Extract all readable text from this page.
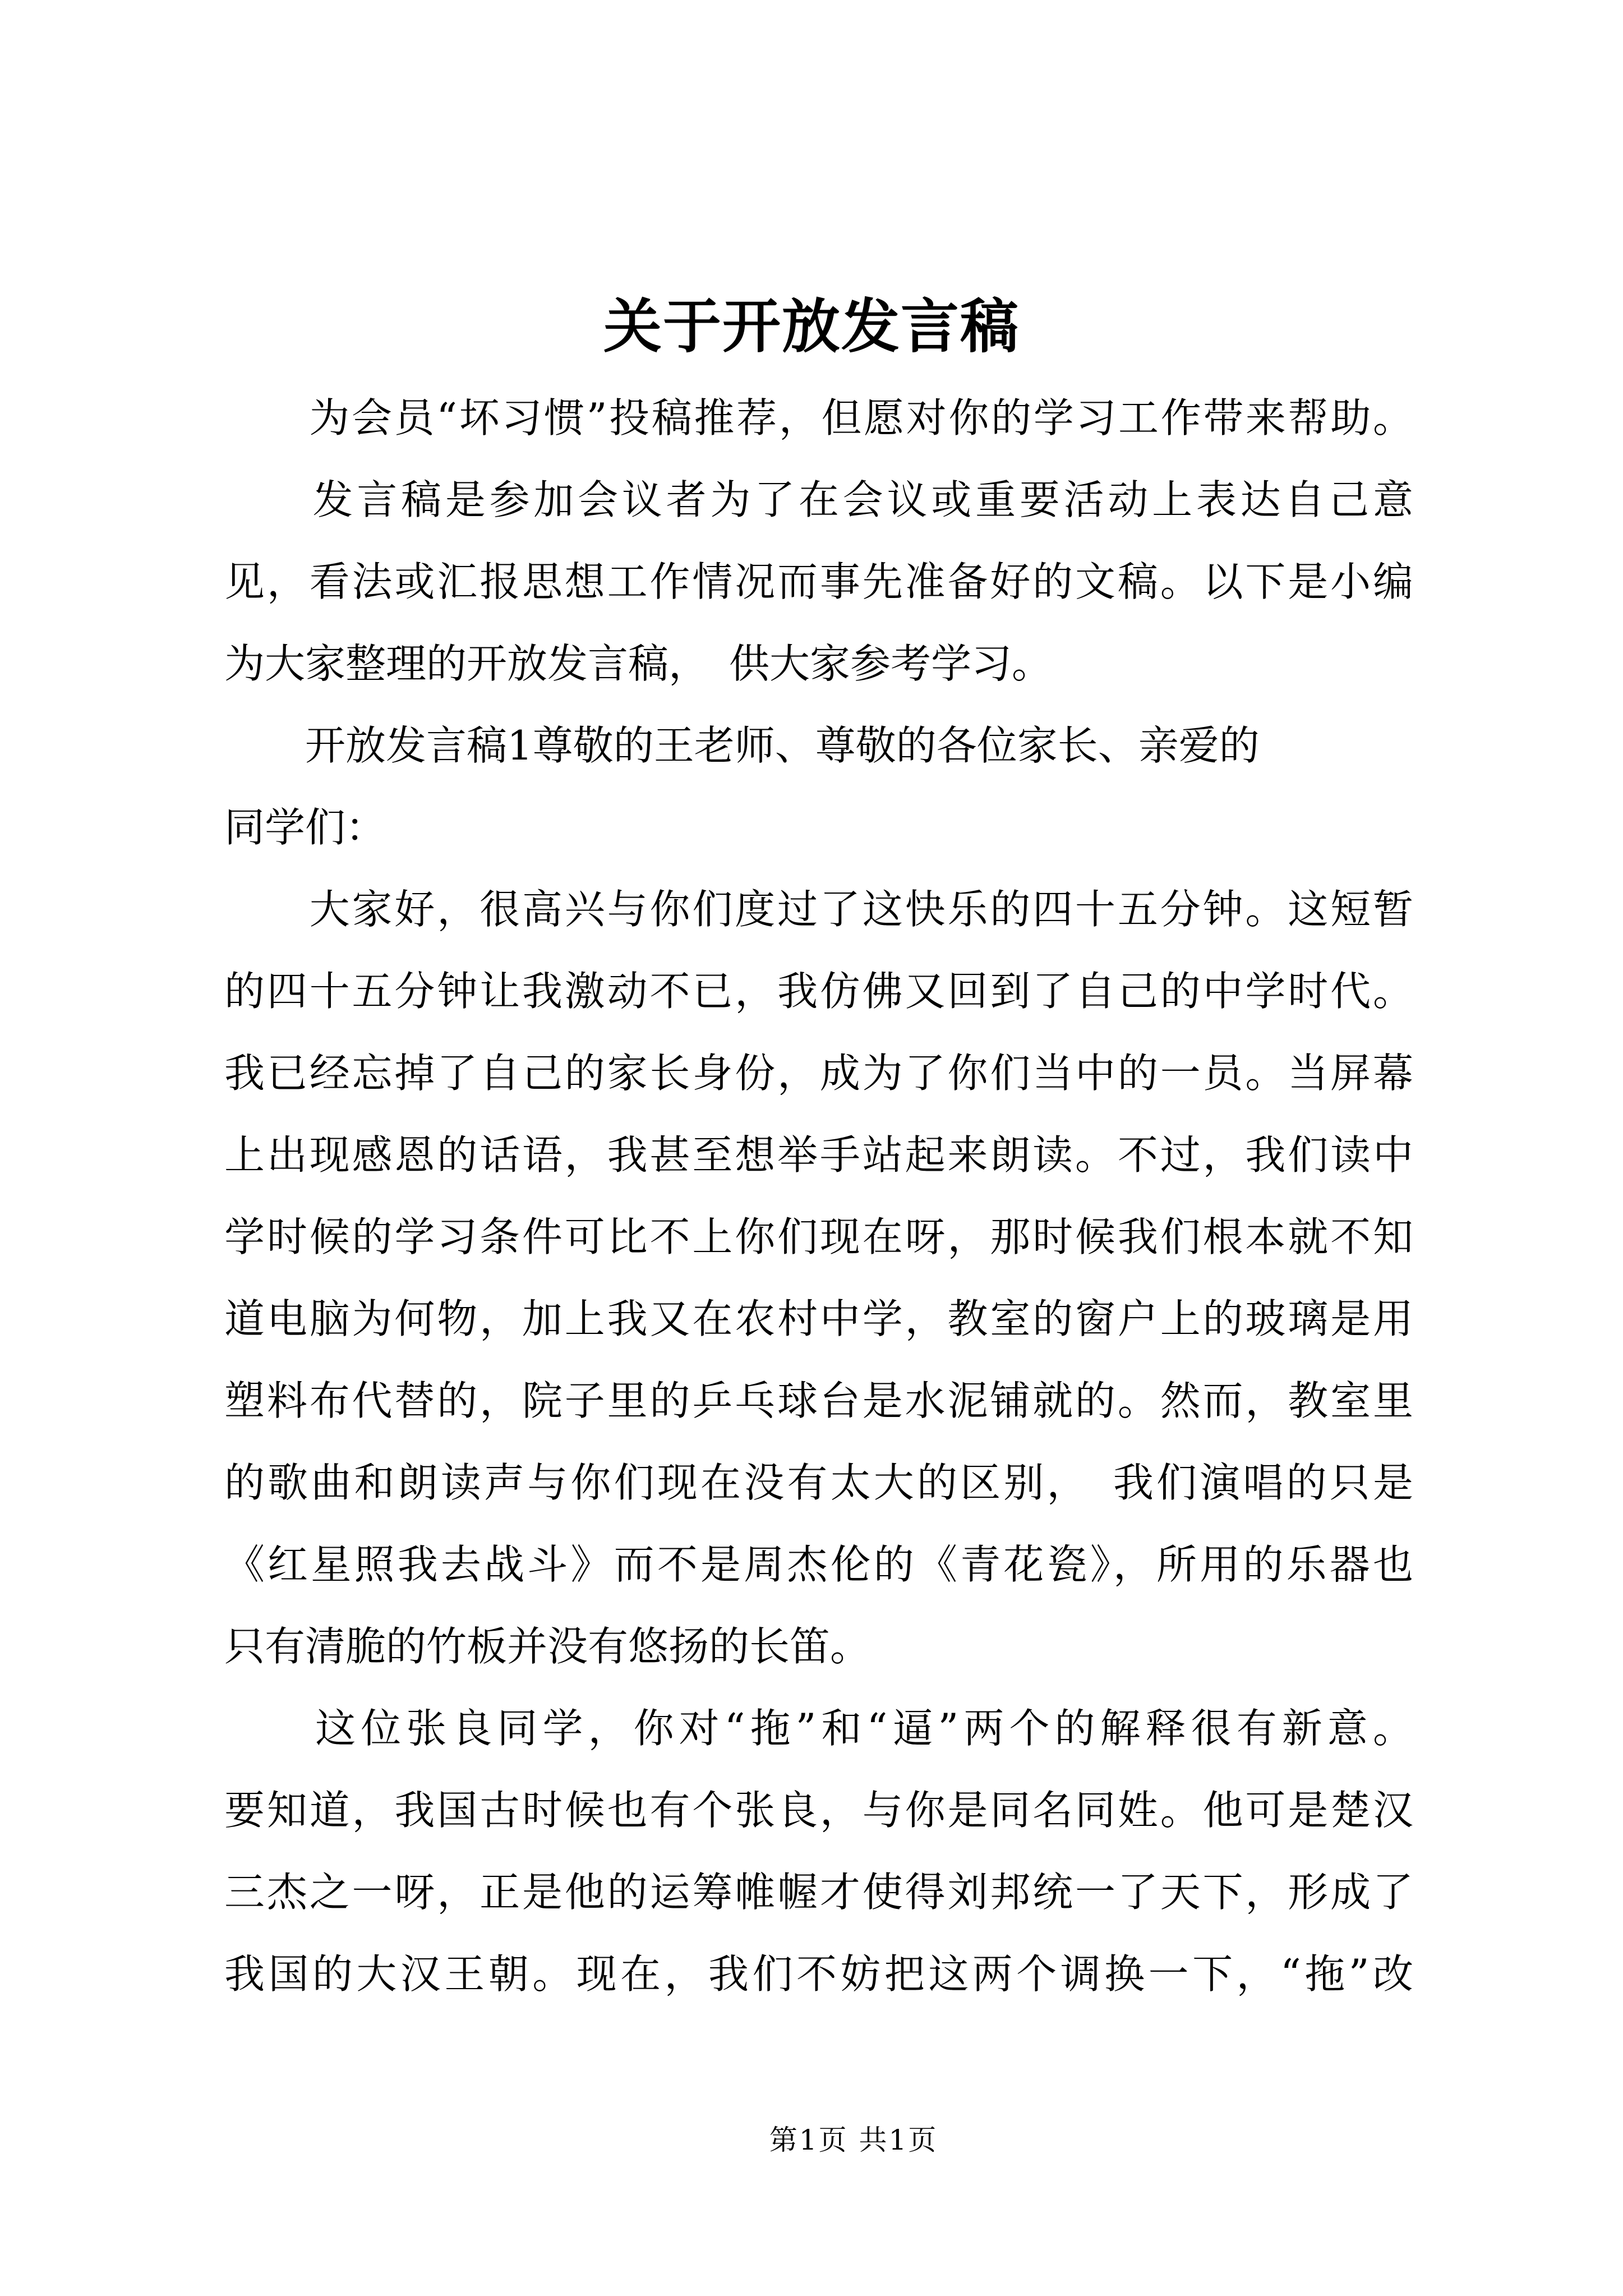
关于开放发言稿
　　为会员“坏习惯”投稿推荐，但愿对你的学习工作带来帮助。
　　发言稿是参加会议者为了在会议或重要活动上表达自己意
见，看法或汇报思想工作情况而事先准备好的文稿。以下是小编
为大家整理的开放发言稿，　供大家参考学习。
　　开放发言稿1尊敬的王老师、尊敬的各位家长、亲爱的
同学们：
　　大家好，很高兴与你们度过了这快乐的四十五分钟。这短暂
的四十五分钟让我激动不已，我仿佛又回到了自己的中学时代。
我已经忘掉了自己的家长身份，成为了你们当中的一员。当屏幕
上出现感恩的话语，我甚至想举手站起来朗读。不过，我们读中
学时候的学习条件可比不上你们现在呀，那时候我们根本就不知
道电脑为何物，加上我又在农村中学，教室的窗户上的玻璃是用
塑料布代替的，院子里的乒乓球台是水泥铺就的。然而，教室里
的歌曲和朗读声与你们现在没有太大的区别，　我们演唱的只是
《红星照我去战斗》而不是周杰伦的《青花瓷》，所用的乐器也
只有清脆的竹板并没有悠扬的长笛。
　　这位张良同学，你对“拖”和“逼”两个的解释很有新意。
要知道，我国古时候也有个张良，与你是同名同姓。他可是楚汉
三杰之一呀，正是他的运筹帷幄才使得刘邦统一了天下，形成了
我国的大汉王朝。现在，我们不妨把这两个调换一下，“拖”改
第1页 共1页
